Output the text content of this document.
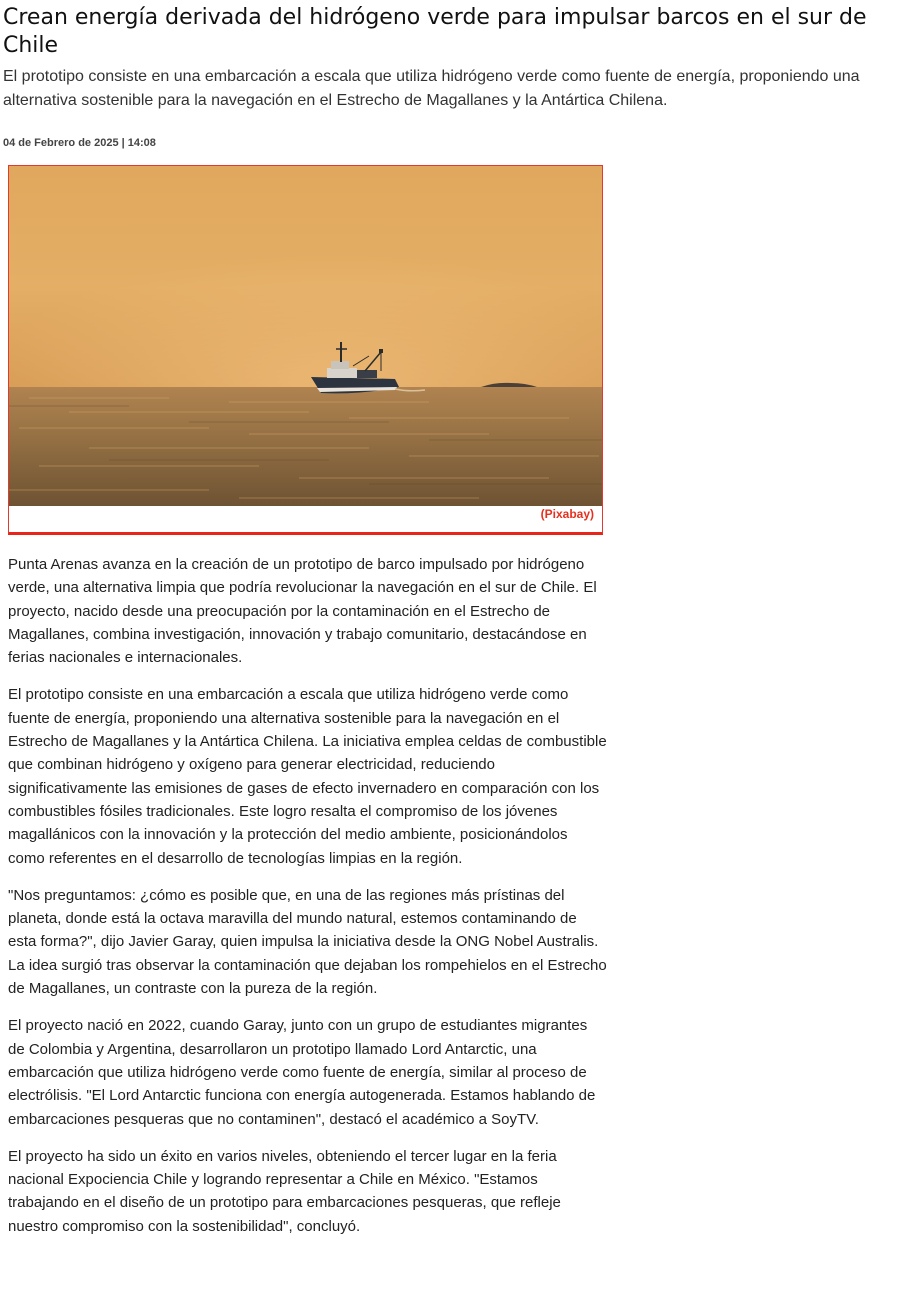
Crean energía derivada del hidrógeno verde para impulsar barcos en el sur de Chile

El prototipo consiste en una embarcación a escala que utiliza hidrógeno verde como fuente de energía, proponiendo una alternativa sostenible para la navegación en el Estrecho de Magallanes y la Antártica Chilena.

04 de Febrero de 2025 | 14:08
(Pixabay)

Punta Arenas avanza en la creación de un prototipo de barco impulsado por hidrógeno verde, una alternativa limpia que podría revolucionar la navegación en el sur de Chile. El proyecto, nacido desde una preocupación por la contaminación en el Estrecho de Magallanes, combina investigación, innovación y trabajo comunitario, destacándose en ferias nacionales e internacionales.

El prototipo consiste en una embarcación a escala que utiliza hidrógeno verde como fuente de energía, proponiendo una alternativa sostenible para la navegación en el Estrecho de Magallanes y la Antártica Chilena. La iniciativa emplea celdas de combustible que combinan hidrógeno y oxígeno para generar electricidad, reduciendo significativamente las emisiones de gases de efecto invernadero en comparación con los combustibles fósiles tradicionales. Este logro resalta el compromiso de los jóvenes magallánicos con la innovación y la protección del medio ambiente, posicionándolos como referentes en el desarrollo de tecnologías limpias en la región.

"Nos preguntamos: ¿cómo es posible que, en una de las regiones más prístinas del planeta, donde está la octava maravilla del mundo natural, estemos contaminando de esta forma?", dijo Javier Garay, quien impulsa la iniciativa desde la ONG Nobel Australis. La idea surgió tras observar la contaminación que dejaban los rompehielos en el Estrecho de Magallanes, un contraste con la pureza de la región.

El proyecto nació en 2022, cuando Garay, junto con un grupo de estudiantes migrantes de Colombia y Argentina, desarrollaron un prototipo llamado Lord Antarctic, una embarcación que utiliza hidrógeno verde como fuente de energía, similar al proceso de electrólisis. "El Lord Antarctic funciona con energía autogenerada. Estamos hablando de embarcaciones pesqueras que no contaminen", destacó el académico a SoyTV.

El proyecto ha sido un éxito en varios niveles, obteniendo el tercer lugar en la feria nacional Expociencia Chile y logrando representar a Chile en México. "Estamos trabajando en el diseño de un prototipo para embarcaciones pesqueras, que refleje nuestro compromiso con la sostenibilidad", concluyó.
